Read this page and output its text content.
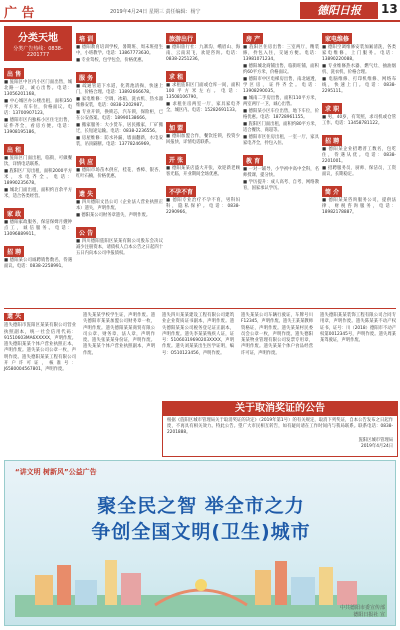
广 告	2019年4月24日 星期三 责任编辑：杨宁	德阳日报	13
分类天地
分类广告热线：0838-2201777
出 售
■ 旌阳区中区内小区门面出售，城北路一段，诚心出售。电话：13056201168。
■ 中心城区办公楼出租，面积350平方米，有车位，价格面议。电话：13700907123。
■ 德阳市区内独栋小区住宅出售，证件齐全，看房方便。电话：13908195186。
出 租
■ 旌阳区门面出租，临街，可做餐饮，详情电话联系。
■ 旌阳区厂房出租，面积2000平方米，水电齐全。电话：18990235678。
■ 城北门面出租，面积约百余平方米，适合各类经营。
家 政
■ 德阳家政服务，保洁保姆月嫂钟点工，诚信服务。电话：13096889911。
招 聘
■ 德阳某公司诚聘销售数名，待遇面议。电话：0838-2258991。
培 训
■ 德阳教育培训学校，暑期班、周末班招生中，小班教学。电话：13867773630。
■ 专业驾校，包学包会，价格优惠。
服 务
■ 疏通管道下水道，化粪池清掏，快速上门，价格合理。电话：13892666678。
■ 家电维修：空调、冰箱、洗衣机、热水器维修安装，电话：0838-2202987。
■ 专业开锁，换锁芯，汽车锁，保险柜，已在公安备案。电话：18990138666。
■ 搬家服务：大小货车，居民搬家，厂矿搬迁，长短途运输。电话：0838-2236556。
■ 房屋维修：防水补漏，墙面翻新，水电安装，吊顶隔断。电话：13778246969。
供 应
■ 德阳市场苗木供应，桂花、香樟、银杏、红叶石楠，价格优惠。
遗 失
■ 四川德阳文昌公司（企业法人营业执照正本）遗失，声明作废。
■ 德阳某公司财务章遗失，声明作废。
公 告
■ 四川德阳旌阳区某某有限公司股东会决议减少注册资本，请债权人自本公告之日起四十五日内向本公司申报债权。
旅游出行
■ 德阳旅行社：九寨沟、峨眉山、海南、云南双飞，欢迎咨询。电话：0838-2251236。
求 租
■ 求租旌阳区门面或仓库一间，面积100平方米左右。电话：13508106790。
■ 求租住房两室一厅，家具家电齐全，城区内。电话：15282691133。
加 盟
■ 德阳加盟合作，餐饮连锁，投资少回报快，详情电话联系。
开 张
■ 德阳某某店盛大开张，欢迎新老顾客光临，开业期间全场优惠。
不孕不育
■ 德阳专业治疗不孕不育，男科妇科，隐私保护。电话：0838-2290966。
房 产
■ 旌阳区住房出售：三室两厅，精装修，拎包入住，交通方便。电话：13981071234。
■ 德阳城北商铺出售，临街旺铺，面积约60平方米，价格面议。
■ 德阳市中区电梯房出售，南北通透，学区房，证件齐全。电话：13908290035。
■ 城南二手房出售，面积110平方米，两室两厅一卫，诚心出售。
■ 德阳某小区车位出售，地下车位，价格优惠。电话：18728961155。
■ 旌阳区门面出租，面积约80平方米，适合餐饮、商超等。
■ 德阳市区住房出租，一室一厅，家具家电齐全，拎包入住。
教 育
■ 一对一辅导，小学初中高中全科，名师授课，提分快。
■ 学历提升：成人高考、自考、网络教育，国家承认学历。
家电维修
■ 德阳空调维修安装加氟清洗，各类家电维修，上门服务。电话：13890220088。
■ 专业维修热水器、燃气灶、抽油烟机、洗衣机，价格合理。
■ 电脑维修、打印机维修、网络布线，快速上门。电话：0838-2295111。
求 职
■ 男，40岁，有驾照，求司机或仓管工作。电话：13458781122。
招 聘
■ 德阳某企业招聘普工数名，包吃住，待遇从优。电话：0838-2201001。
■ 招聘服务员、厨师、保洁员，工资面议，长期稳定。
简 介
■ 德阳某某咨询服务公司，提供法律、财税咨询服务，电话：18982178887。
遗 失
遗失德阳市旌阳区某某有限公司营业执照副本，统一社会信用代码：91510603MA6XXXXX，声明作废。遗失德阳某某个体户营业执照正本，声明作废。遗失某公司公章一枚，声明作废。遗失德阳某某工程有限公司开户许可证，核准号：J6580004567801，声明作废。
遗失某某学校学生证，声明作废。遗失德阳市某某加盟公司财务章一枚，声明作废。遗失德阳某某商贸有限公司公章、财务章、法人章，声明作废。遗失张某某身份证，声明作废。遗失某某个体户营业执照副本，声明作废。
遗失四川某某建设工程有限公司建筑业企业资质证书副本，声明作废。遗失德阳某某公司税务登记证正副本，声明作废。遗失李某某残疾人证，证号：51060319690203XXXX，声明作废。遗失刘某某出生医学证明，编号：O510123456，声明作废。
遗失某某公司车辆行驶证，车牌号川F12345，声明作废。遗失王某某教师资格证，声明作废。遗失某某村民委员会公章一枚，声明作废。遗失德阳某某物业管理有限公司发票专用章，声明作废。遗失某某个体户食品经营许可证，声明作废。
遗失德阳某某装饰工程有限公司合同专用章，声明作废。遗失陈某某不动产权证书，证号：川（2018）德阳市不动产权第0012345号，声明作废。遗失周某某驾驶证，声明作废。
关于取消奖证的公告
根据《旌阳区城市管理局关于取消奖证的决定》（2019年第1号）的有关规定，取消下列奖证，自本公告发布之日起作废，不再具有相关效力。特此公告。望广大市民相互转告，如有疑问请在工作时间内与我局联系。联系电话：0838-2201888。
旌阳区城市管理局
2019年4月24日
“讲文明 树新风”公益广告
聚全民之智 举全市之力
争创全国文明(卫生)城市
中共德阳市委宣传部
德阳日报社 宣
